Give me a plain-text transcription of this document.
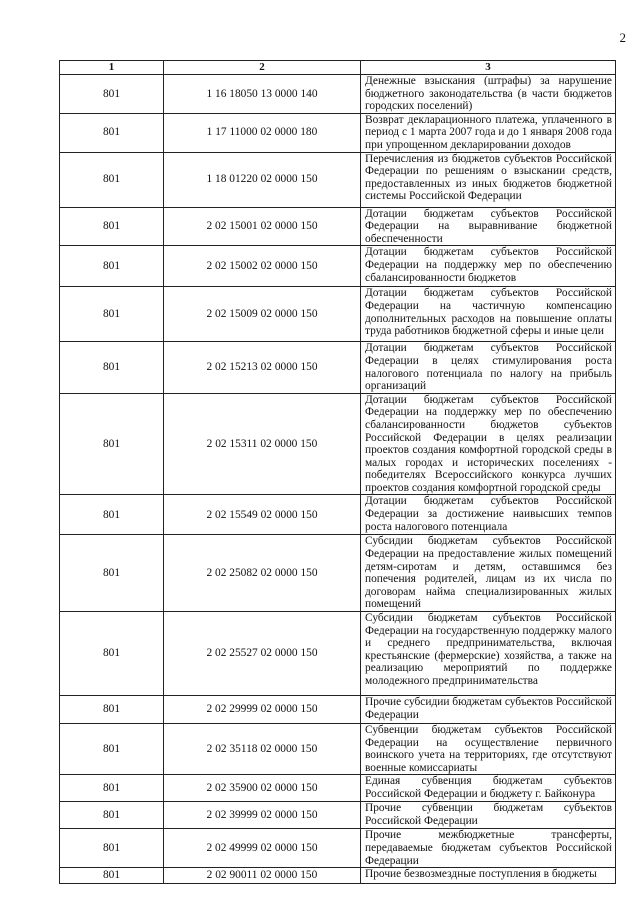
2
1	2	3
801	1 16 18050 13 0000 140	Денежные взыскания (штрафы) за нарушение бюджетного законодательства (в части бюджетов городских поселений)
801	1 17 11000 02 0000 180	Возврат декларационного платежа, уплаченного в период с 1 марта 2007 года и до 1 января 2008 года при упрощенном декларировании доходов
801	1 18 01220 02 0000 150	Перечисления из бюджетов субъектов Российской Федерации по решениям о взыскании средств, предоставленных из иных бюджетов бюджетной системы Российской Федерации
801	2 02 15001 02 0000 150	Дотации бюджетам субъектов Российской Федерации на выравнивание бюджетной обеспеченности
801	2 02 15002 02 0000 150	Дотации бюджетам субъектов Российской Федерации на поддержку мер по обеспечению сбалансированности бюджетов
801	2 02 15009 02 0000 150	Дотации бюджетам субъектов Российской Федерации на частичную компенсацию дополнительных расходов на повышение оплаты труда работников бюджетной сферы и иные цели
801	2 02 15213 02 0000 150	Дотации бюджетам субъектов Российской Федерации в целях стимулирования роста налогового потенциала по налогу на прибыль организаций
801	2 02 15311 02 0000 150	Дотации бюджетам субъектов Российской Федерации на поддержку мер по обеспечению сбалансированности бюджетов субъектов Российской Федерации в целях реализации проектов создания комфортной городской среды в малых городах и исторических поселениях - победителях Всероссийского конкурса лучших проектов создания комфортной городской среды
801	2 02 15549 02 0000 150	Дотации бюджетам субъектов Российской Федерации за достижение наивысших темпов роста налогового потенциала
801	2 02 25082 02 0000 150	Субсидии бюджетам субъектов Российской Федерации на предоставление жилых помещений детям-сиротам и детям, оставшимся без попечения родителей, лицам из их числа по договорам найма специализированных жилых помещений
801	2 02 25527 02 0000 150	Субсидии бюджетам субъектов Российской Федерации на государственную поддержку малого и среднего предпринимательства, включая крестьянские (фермерские) хозяйства, а также на реализацию мероприятий по поддержке молодежного предпринимательства
801	2 02 29999 02 0000 150	Прочие субсидии бюджетам субъектов Российской Федерации
801	2 02 35118 02 0000 150	Субвенции бюджетам субъектов Российской Федерации на осуществление первичного воинского учета на территориях, где отсутствуют военные комиссариаты
801	2 02 35900 02 0000 150	Единая субвенция бюджетам субъектов Российской Федерации и бюджету г. Байконура
801	2 02 39999 02 0000 150	Прочие субвенции бюджетам субъектов Российской Федерации
801	2 02 49999 02 0000 150	Прочие межбюджетные трансферты, передаваемые бюджетам субъектов Российской Федерации
801	2 02 90011 02 0000 150	Прочие безвозмездные поступления в бюджеты
